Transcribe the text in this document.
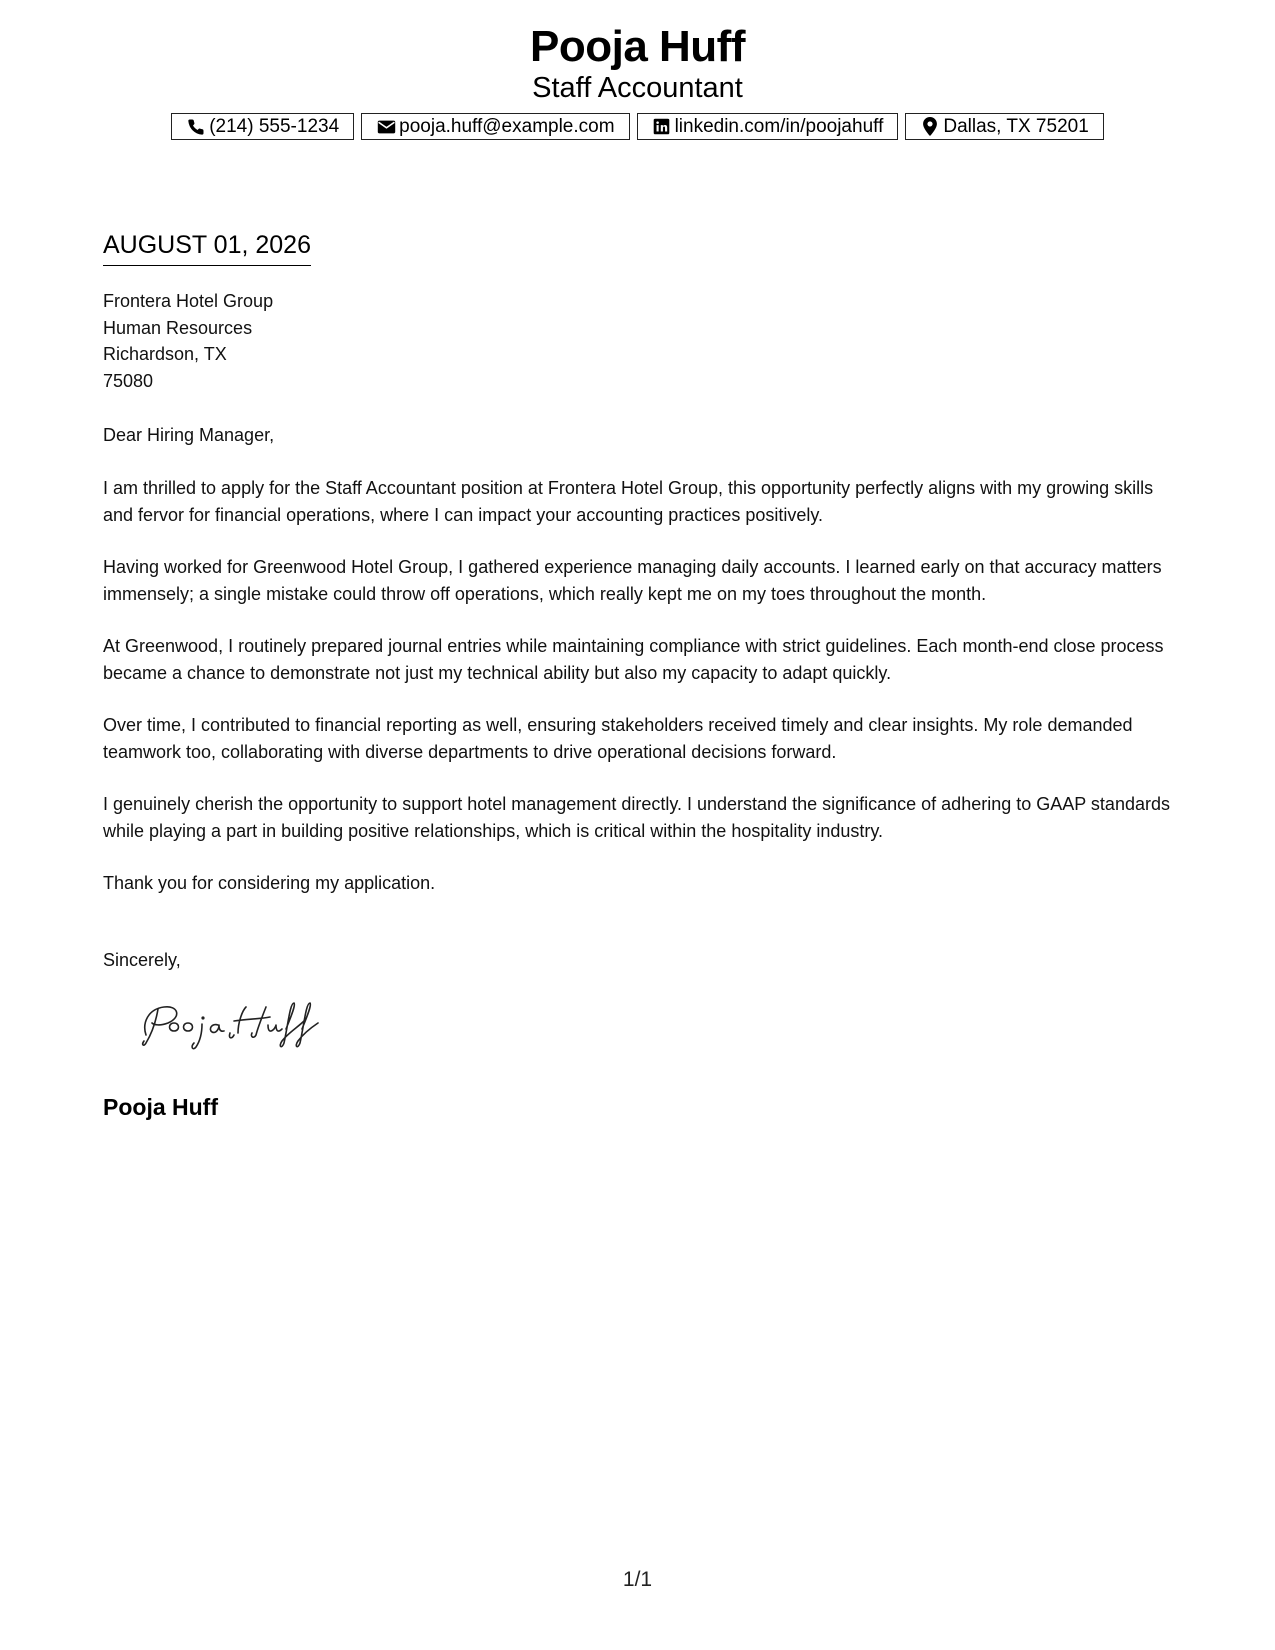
Pooja Huff
Staff Accountant
(214) 555-1234	pooja.huff@example.com	linkedin.com/in/poojahuff	Dallas, TX 75201
AUGUST 01, 2026
Frontera Hotel Group
Human Resources
Richardson, TX
75080
Dear Hiring Manager,
I am thrilled to apply for the Staff Accountant position at Frontera Hotel Group, this opportunity perfectly aligns with my growing skills and fervor for financial operations, where I can impact your accounting practices positively.
Having worked for Greenwood Hotel Group, I gathered experience managing daily accounts. I learned early on that accuracy matters immensely; a single mistake could throw off operations, which really kept me on my toes throughout the month.
At Greenwood, I routinely prepared journal entries while maintaining compliance with strict guidelines. Each month-end close process became a chance to demonstrate not just my technical ability but also my capacity to adapt quickly.
Over time, I contributed to financial reporting as well, ensuring stakeholders received timely and clear insights. My role demanded teamwork too, collaborating with diverse departments to drive operational decisions forward.
I genuinely cherish the opportunity to support hotel management directly. I understand the significance of adhering to GAAP standards while playing a part in building positive relationships, which is critical within the hospitality industry.
Thank you for considering my application.
Sincerely,
Pooja Huff
1/1
